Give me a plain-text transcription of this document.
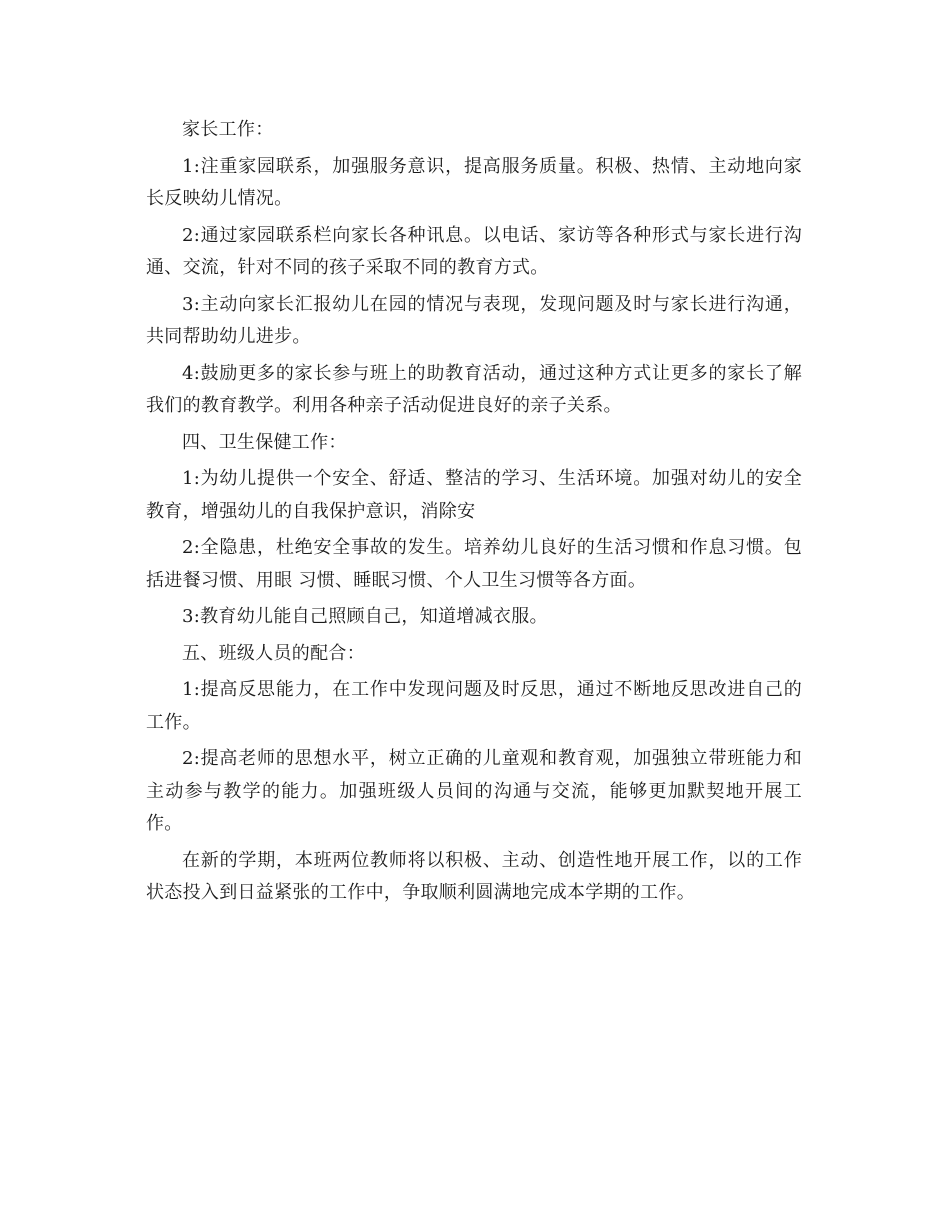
家长工作：

1:注重家园联系，加强服务意识，提高服务质量。积极、热情、主动地向家长反映幼儿情况。

2:通过家园联系栏向家长各种讯息。以电话、家访等各种形式与家长进行沟通、交流，针对不同的孩子采取不同的教育方式。

3:主动向家长汇报幼儿在园的情况与表现，发现问题及时与家长进行沟通，共同帮助幼儿进步。

4:鼓励更多的家长参与班上的助教育活动，通过这种方式让更多的家长了解我们的教育教学。利用各种亲子活动促进良好的亲子关系。

四、卫生保健工作：

1:为幼儿提供一个安全、舒适、整洁的学习、生活环境。加强对幼儿的安全教育，增强幼儿的自我保护意识，消除安

2:全隐患，杜绝安全事故的发生。培养幼儿良好的生活习惯和作息习惯。包括进餐习惯、用眼 习惯、睡眠习惯、个人卫生习惯等各方面。

3:教育幼儿能自己照顾自己，知道增减衣服。

五、班级人员的配合：

1:提高反思能力，在工作中发现问题及时反思，通过不断地反思改进自己的工作。

2:提高老师的思想水平，树立正确的儿童观和教育观，加强独立带班能力和主动参与教学的能力。加强班级人员间的沟通与交流，能够更加默契地开展工作。

在新的学期，本班两位教师将以积极、主动、创造性地开展工作，以的工作状态投入到日益紧张的工作中，争取顺利圆满地完成本学期的工作。
